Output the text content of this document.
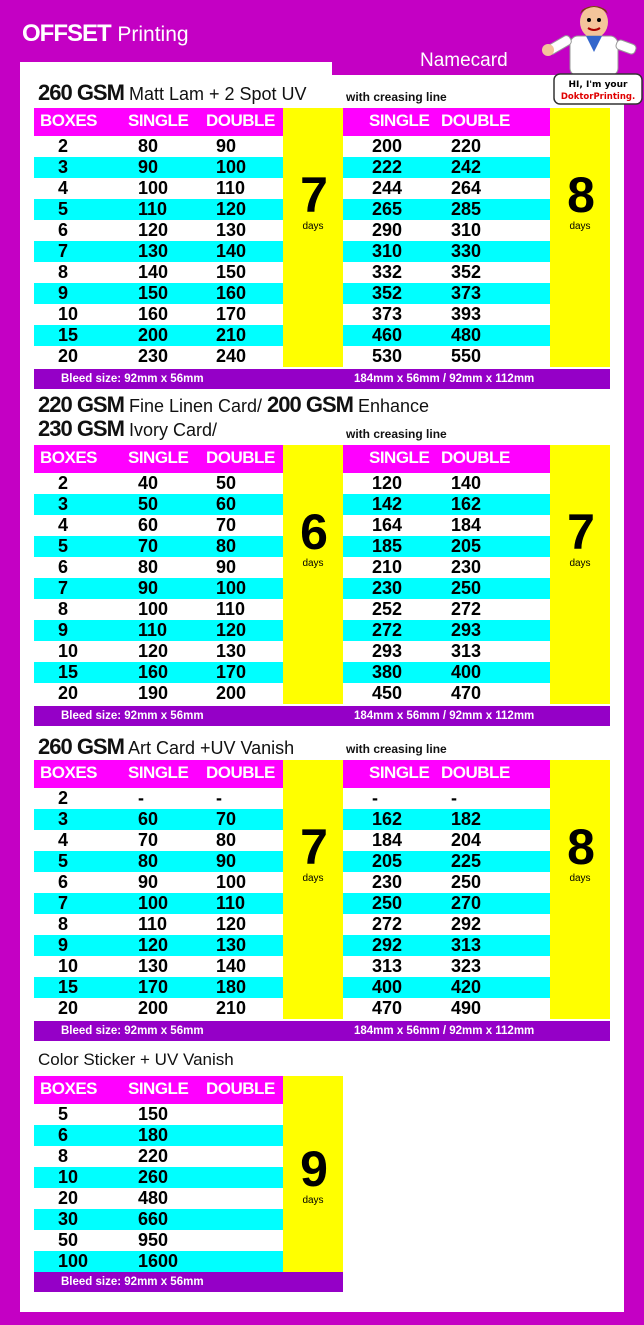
OFFSET Printing
Namecard
HI, I'm your
DoktorPrinting.
260 GSM Matt Lam + 2 Spot UV	with creasing line
BOXES SINGLE DOUBLE
2	80	90
3	90	100
4	100	110
5	110	120
6	120	130
7	130	140
8	140	150
9	150	160
10	160	170
15	200	210
20	230	240
7
days
SINGLE DOUBLE
200	220
222	242
244	264
265	285
290	310
310	330
332	352
352	373
373	393
460	480
530	550
8
days
Bleed size: 92mm x 56mm	184mm x 56mm / 92mm x 112mm
220 GSM Fine Linen Card/ 200 GSM Enhance
230 GSM Ivory Card/	with creasing line
BOXES SINGLE DOUBLE
2	40	50
3	50	60
4	60	70
5	70	80
6	80	90
7	90	100
8	100	110
9	110	120
10	120	130
15	160	170
20	190	200
6
days
SINGLE DOUBLE
120	140
142	162
164	184
185	205
210	230
230	250
252	272
272	293
293	313
380	400
450	470
7
days
Bleed size: 92mm x 56mm	184mm x 56mm / 92mm x 112mm
260 GSM Art Card +UV Vanish	with creasing line
BOXES SINGLE DOUBLE
2	-	-
3	60	70
4	70	80
5	80	90
6	90	100
7	100	110
8	110	120
9	120	130
10	130	140
15	170	180
20	200	210
7
days
SINGLE DOUBLE
-	-
162	182
184	204
205	225
230	250
250	270
272	292
292	313
313	323
400	420
470	490
8
days
Bleed size: 92mm x 56mm	184mm x 56mm / 92mm x 112mm
Color Sticker + UV Vanish
BOXES SINGLE DOUBLE
5	150
6	180
8	220
10	260
20	480
30	660
50	950
100	1600
9
days
Bleed size: 92mm x 56mm
